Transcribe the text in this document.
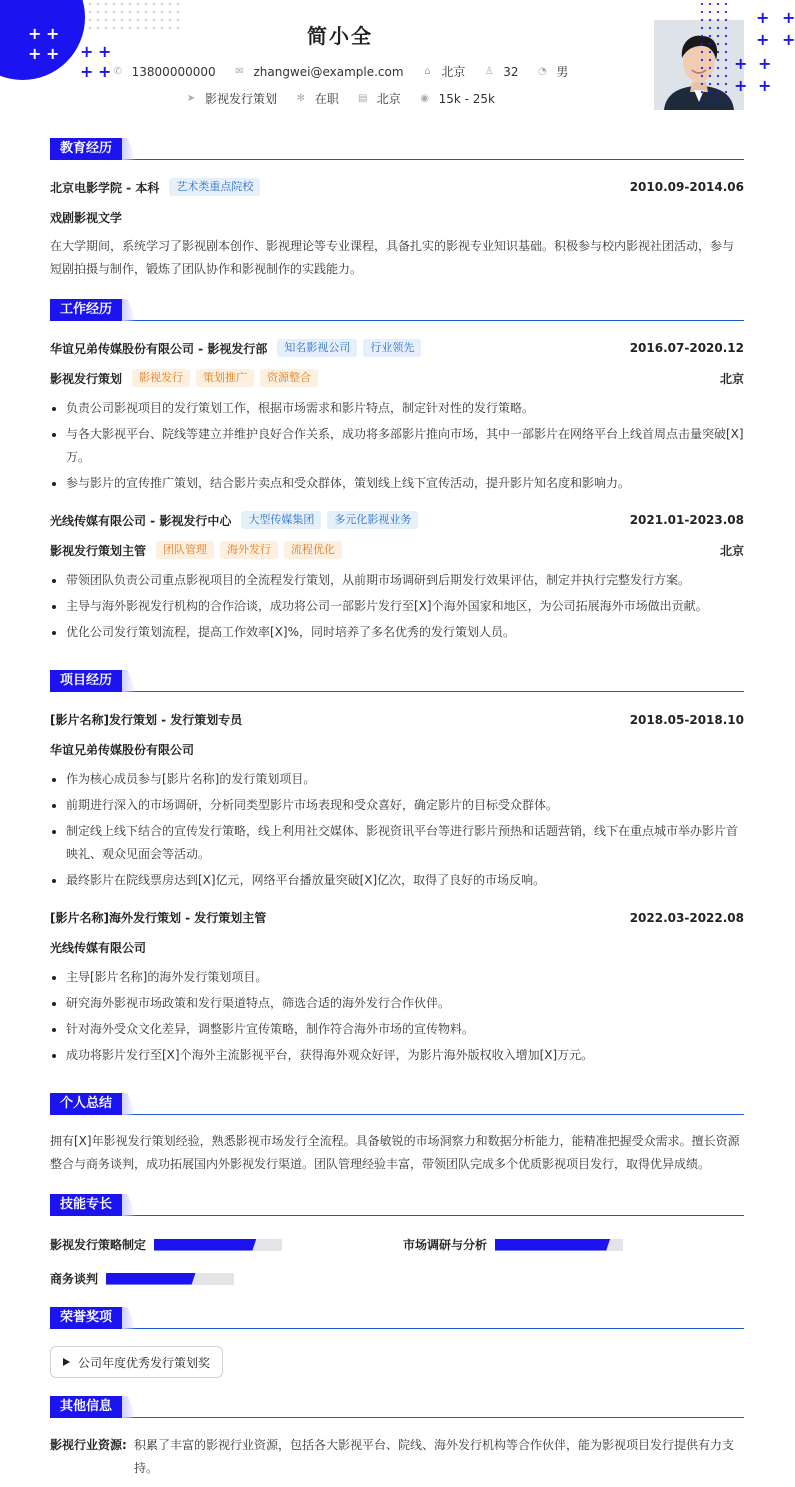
+ +
+ + + +
+ +
+ +
+ +
+ +
+ +
简小全
✆ 13800000000
✉ zhangwei@example.com
⌂ 北京
♙ 32
◔ 男
➤ 影视发行策划
✻ 在职
▤ 北京
◉ 15k - 25k
教育经历
北京电影学院 - 本科	艺术类重点院校	2010.09-2014.06
戏剧影视文学
在大学期间，系统学习了影视剧本创作、影视理论等专业课程，具备扎实的影视专业知识基础。积极参与校内影视社团活动，参与短剧拍摄与制作，锻炼了团队协作和影视制作的实践能力。
工作经历
华谊兄弟传媒股份有限公司 - 影视发行部	知名影视公司	行业领先	2016.07-2020.12
影视发行策划	影视发行	策划推广	资源整合	北京
负责公司影视项目的发行策划工作，根据市场需求和影片特点，制定针对性的发行策略。
与各大影视平台、院线等建立并维护良好合作关系，成功将多部影片推向市场，其中一部影片在网络平台上线首周点击量突破[X]万。
参与影片的宣传推广策划，结合影片卖点和受众群体，策划线上线下宣传活动，提升影片知名度和影响力。
光线传媒有限公司 - 影视发行中心	大型传媒集团	多元化影视业务	2021.01-2023.08
影视发行策划主管	团队管理	海外发行	流程优化	北京
带领团队负责公司重点影视项目的全流程发行策划，从前期市场调研到后期发行效果评估，制定并执行完整发行方案。
主导与海外影视发行机构的合作洽谈，成功将公司一部影片发行至[X]个海外国家和地区，为公司拓展海外市场做出贡献。
优化公司发行策划流程，提高工作效率[X]%，同时培养了多名优秀的发行策划人员。
项目经历
[影片名称]发行策划 - 发行策划专员	2018.05-2018.10
华谊兄弟传媒股份有限公司
作为核心成员参与[影片名称]的发行策划项目。
前期进行深入的市场调研，分析同类型影片市场表现和受众喜好，确定影片的目标受众群体。
制定线上线下结合的宣传发行策略，线上利用社交媒体、影视资讯平台等进行影片预热和话题营销，线下在重点城市举办影片首映礼、观众见面会等活动。
最终影片在院线票房达到[X]亿元，网络平台播放量突破[X]亿次，取得了良好的市场反响。
[影片名称]海外发行策划 - 发行策划主管	2022.03-2022.08
光线传媒有限公司
主导[影片名称]的海外发行策划项目。
研究海外影视市场政策和发行渠道特点，筛选合适的海外发行合作伙伴。
针对海外受众文化差异，调整影片宣传策略，制作符合海外市场的宣传物料。
成功将影片发行至[X]个海外主流影视平台，获得海外观众好评，为影片海外版权收入增加[X]万元。
个人总结
拥有[X]年影视发行策划经验，熟悉影视市场发行全流程。具备敏锐的市场洞察力和数据分析能力，能精准把握受众需求。擅长资源整合与商务谈判，成功拓展国内外影视发行渠道。团队管理经验丰富，带领团队完成多个优质影视项目发行，取得优异成绩。
技能专长
影视发行策略制定	市场调研与分析
商务谈判
荣誉奖项
公司年度优秀发行策划奖
其他信息
影视行业资源: 积累了丰富的影视行业资源，包括各大影视平台、院线、海外发行机构等合作伙伴，能为影视项目发行提供有力支持。
